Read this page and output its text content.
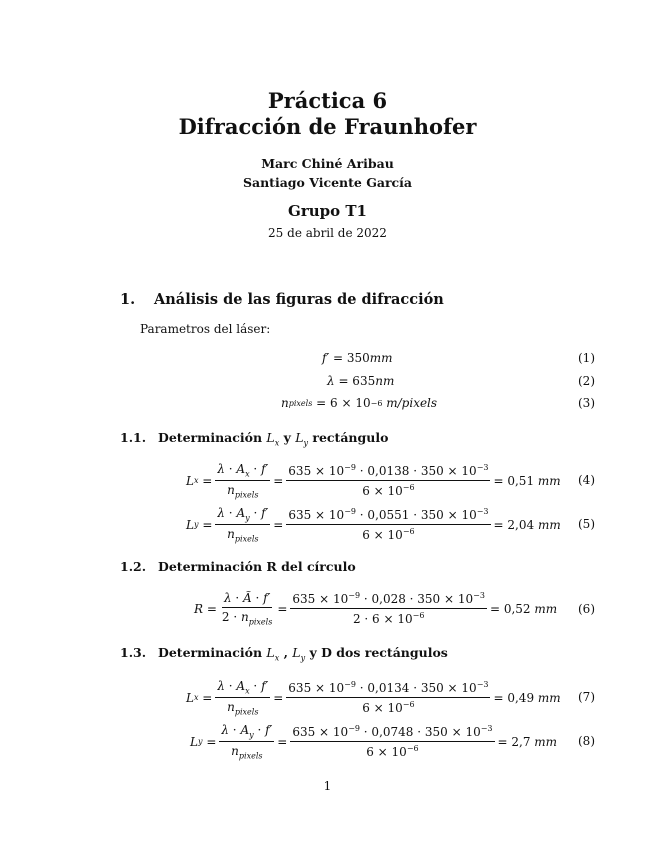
Práctica 6
Difracción de Fraunhofer
Marc Chiné Aribau
Santiago Vicente García
Grupo T1
25 de abril de 2022
1. Análisis de las figuras de difracción
Parametros del láser:
f′
= 350 mm	(1)
λ
= 635 nm	(2)
n pixels
= 6 × 10 −6
m/pixels	(3)
1.1. Determinación $L_x$ y $L_y$ rectángulo
L $x = \frac{\lambda \cdot A_x \cdot f'}{n_{pixels}} = \frac{635 \times 10^{-9} \cdot 0,0138 \cdot 350 \times 10^{-3}}{6 \times 10^{-6}} = 0,51$
mm (4)
L $y = \frac{\lambda \cdot A_y \cdot f'}{n_{pixels}} = \frac{635 \times 10^{-9} \cdot 0,0551 \cdot 350 \times 10^{-3}}{6 \times 10^{-6}} = 2,04$
mm (5)
1.2. Determinación R del círculo
$R = \frac{\lambda \cdot Ã \cdot f'}{2 \cdot n_{pixels}} = \frac{635 \times 10^{-9} \cdot 0,028 \cdot 350 \times 10^{-3}}{2 \cdot 6 \times 10^{-6}} = 0,52$
mm (6)
1.3. Determinación $L_x$ , $L_y$ y D dos rectángulos
L $x = \frac{\lambda \cdot A_x \cdot f'}{n_{pixels}} = \frac{635 \times 10^{-9} \cdot 0,0134 \cdot 350 \times 10^{-3}}{6 \times 10^{-6}} = 0,49$
mm (7)
L $y = \frac{\lambda \cdot A_y \cdot f'}{n_{pixels}} = \frac{635 \times 10^{-9} \cdot 0,0748 \cdot 350 \times 10^{-3}}{6 \times 10^{-6}} = 2,7$
mm (8)
1
